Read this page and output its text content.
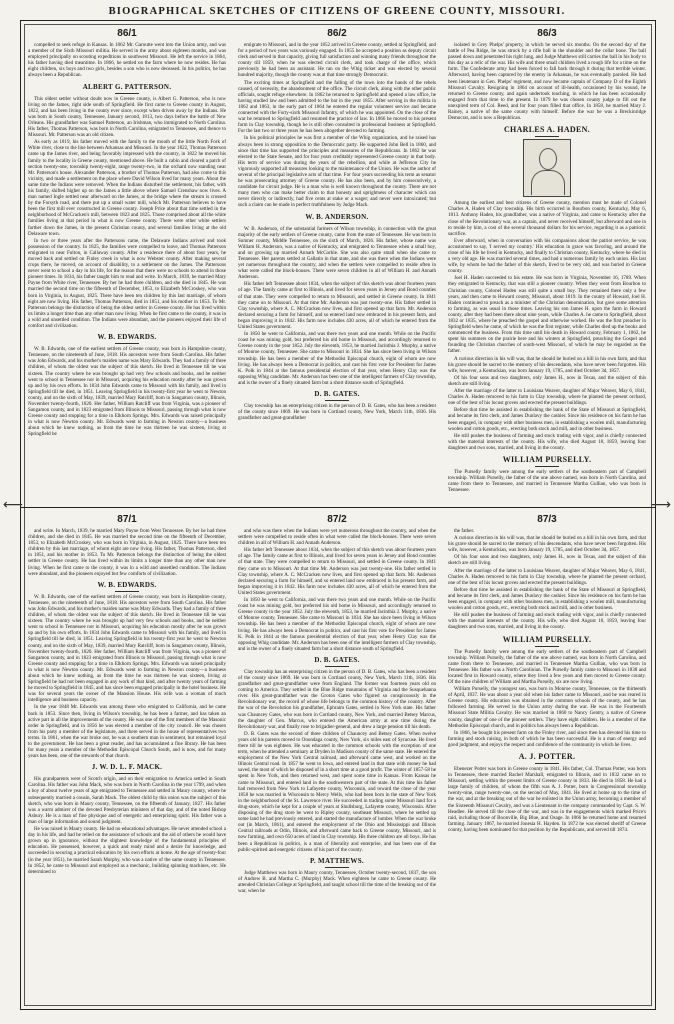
BIOGRAPHICAL SKETCHES OF CITIZENS OF GREENE COUNTY, MISSOURI.
⟵	⟶
86/1

compelled to seek refuge in Kansas. In 1862 Mr. Garoutte went into the Union army, and was a member of the Sixth Missouri militia. He served in the army about eighteen months, and was employed principally on scouting expeditions in southwest Missouri. He left the service in 1864, his father having died meantime. In 1866, he settled on the farm where he now resides. He has eight children, six boys and two girls, besides a son who is now deceased. In his politics, he has always been a Republican.

ALBERT G. PATTERSON.

This oldest settler without doubt now in Greene county, is Albert G. Patterson, who is now living on the James, right side south of Springfield. He first came to Greene county in August, 1822, and has been living in the county ever since, except when driven away by the Indians. He was born in South county, Tennessee, January second, 1813, two days before the battle of New Orleans. His grandfather was Samuel Patterson, an Irishman, who immigrated to North Carolina. His father, Thomas Patterson, was born in North Carolina, emigrated to Tennessee, and thence to Missouri. Mr. Patterson was an old citizen.

As early as 1819, his father moved with the family to the mouth of the little North Fork of White river, close to the line between Arkansas and Missouri. In the year 1822, Thomas Patterson came up the James river, and being favorably impressed with the country, in 1822 he moved his family to the locality in Greene county, mentioned above. He built a cabin and cleared a patch of section twenty-one, township twenty-eight, range twenty-two, in the orchard now standing near Mr. Patterson's house. Alexander Patterson, a brother of Thomas Patterson, had also come to this vicinity, and made a settlement on the place where David Wilson lived for many years. About the same time the Indians were removed. When the Indians disturbed the settlement, his father, with his family, shifted higher up on the James a little above where Samuel Crenshaw now lives. A man named Ingle settled near afterward on the James, at the bridge where the stream is crossed by the Forsyth road, and there put up a small water mill, which Mr. Patterson believes to have been the first mill ever constructed in Greene county. Joseph Price about that time settled in the neighborhood of McCracken's mill, between 1823 and 1825. Those comprised about all the white families living at that period in what is now Greene county. There were other white settlers farther down the James, in the present Christian county, and several families living at the old Delaware town.

In two or three years after the Pattersons came, the Delaware Indians arrived and took possession of the country. In 1825, the families were compelled to leave, and Thomas Patterson emigrated to near Fulton, in Callaway county. After a residence there of about four years, he moved back and settled on Finley creek in what is now Webster county. After making several crops there, he moved, on account of disability, to a settlement on the James. The Pattersons never went to school a day in his life, for the reason that there were no schools to attend in those pioneer times. In 1834, his father taught him to read and write. In March, 1839, he married Mary Payne from White river, Tennessee. By her he had three children, and she died in 1845. He was married the second time on the fifteenth of December, 1853, to Elizabeth McCroskey, who was born in Virginia, in August, 1825. There have been ten children by this last marriage, of whom eight are now living. His father, Thomas Patterson, died in 1851, and his mother in 1853. To Mr. Patterson belongs the distinction of being the oldest settler in Greene county. He has lived within its limits a longer time than any other man now living. When he first came to the county, it was in a wild and unsettled condition. The Indians were abundant, and the pioneers enjoyed their life of comfort and civilization.

W. B. EDWARDS.

W. B. Edwards, one of the earliest settlers of Greene county, was born in Hampshire county, Tennessee, on the nineteenth of June, 1818. His ancestors were from South Carolina. His father was John Edwards, and his mother's maiden name was Mary Edwards. They had a family of three children, of whom the oldest was the subject of this sketch. He lived in Tennessee till he was sixteen. The country where he was brought up had very few schools and books, and he neither went to school in Tennessee nor in Missouri, acquiring his education mostly after he was grown up and by his own efforts. In 1834 John Edwards came to Missouri with his family, and lived in Springfield till he died, in 1851. Leaving Springfield in his twenty-first year he went to Newton county, and on the sixth of May, 1839, married Mary Ratcliff, born in Sangamon county, Illinois, November twenty-fourth, 1820. Her father, William Ratcliff was from Virginia, was a pioneer of Sangamon county, and in 1823 emigrated from Illinois to Missouri, passing through what is now Greene county and stopping for a time in Elkhorn Springs. Mrs. Edwards was raised principally in what is now Newton county. Mr. Edwards went to farming in Newton county—a business about which he knew nothing, as from the time he was thirteen he was sixteen, living at Springfield he

86/2

emigrate to Missouri, and in the year 1852 arrived in Greene county, settled at Springfield, and for a period of two years was variously engaged. In 1855 he accepted a position as deputy circuit clerk and served in that capacity, giving full satisfaction and winning many friends throughout the county till 1859, when he was elected circuit clerk, and took charge of the office, which previously he had been an assistant. He ran on the Whig ticket and was elected by several hundred majority, though the county was at that time strongly Democratic.

The exciting times at Springfield and the falling of the town into the hands of the rebels caused, of necessity, the abandonment of the office. The circuit clerk, along with the other public officials, sought refuge elsewhere. In 1862 he returned to Springfield and opened a law office, he having studied law and been admitted to the bar in the year 1855. After serving in the militia in 1862 and 1863, in the early part of 1864 he entered the regular volunteer service and became connected with the Forty-sixth Missouri Infantry, of which he was appointed. On the close of the war he returned to Springfield and resumed the practice of law. In 1866 he moved to his present farm in Clay township, though he is still often consulted in professional business at Springfield. For the last two or three years he has been altogether devoted to farming.

In his political principles he was first a member of the Whig organization, and he raised has always been in strong opposition to the Democratic party. He supported John Bell in 1860, and since that time has supported the principles and measures of the Republicans. In 1862 he was elected to the State Senate, and for four years creditably represented Greene county in that body. His term of service was during the years of the rebellion, and while at Jefferson City he vigorously supported all measures looking to the maintenance of the Union. He was the author of several of the principal legislative acts of that time. For four years succeeding his term as senator he was prosecuting attorney of Greene county. He has also been, and by him consecutively, a candidate for circuit judge. He is a man who is well known throughout the county. There are not many men who can make better claim to that honesty and uprightness of character which can never directly or indirectly, had five cents at stake or a wager; and never were intoxicated; but such a claim can be made in perfect truthfulness by Judge Mack.

W. B. ANDERSON.

W. B. Anderson, of the substantial farmers of Wilson township, in connection with the great majority of the early settlers of Greene county, came from the state of Tennessee. He was born in Sumner county, Middle Tennessee, on the sixth of March, 1826. His father, whose name was William H. Anderson, was a native of Kentucky, and emigrated to Tennessee when a small boy, and on growing up married Annath McCorkle. She was also quite small when she came to Tennessee. Her parents settled at Gallatin in that state, and she was there when the Indians were yet numerous throughout the country, and when the settlers were compelled to reside often in what were called the block-houses. There were seven children in all of William H. and Annath Anderson.

His father left Tennessee about 1834, when the subject of this sketch was about fourteen years of age. The family came at first to Illinois, and lived for seven years in Jersey and Bond counties of that state. They were compelled to return to Missouri, and settled in Greene county. In 1841 they came on to Missouri. At that time Mr. Anderson was just twenty-one. His father settled in Clay township, where A. C. McCracken now lives, and first opened up that farm. Mr. Anderson declared securing a farm for himself, and so entered land now embraced in his present farm, and began improving it in 1842. His farm now includes 430 acres, all of which he entered from the United States government.

In 1850 he went to California, and was there two years and one month. While on the Pacific coast he was mining gold, but preferred his old home in Missouri, and accordingly returned to Greene county in the year 1852. July the eleventh, 1853, he married Jacinthia J. Murphy, a native of Monroe county, Tennessee. She came to Missouri in 1834. She has since been living in Wilson township. He has been a member of the Methodist Episcopal church, eight of whom are now living. He has always been a Democrat in politics, and cast his first vote for President for James K. Polk in 1844 at the famous presidential election of that year, when Henry Clay was the opposing Whig candidate. Mr. Anderson has been one of the intelligent farmers of Clay township, and is the owner of a finely situated farm but a short distance south of Springfield.

D. B. GATES.

Clay township has an enterprising citizen in the person of D. B. Gates, who has been a resident of the county since 1869. He was born in Cortland county, New York, March 11th, 1836. His grandfather and great-grandfather

86/3

isolated in Grey Phelps' property, in which he served six months. On the second day of the battle of Pea Ridge, he was struck by a rifle ball in the shoulder and the collar bone. The ball passed down and penetrated his right lung, and Judge Matthews still carries the ball in his body to this day as a relic of the war. His wife and three small children lived a rough life for a time on the farm. The Confederate army had been forced to fall back through it during that terrible winter. Afterward, having been captured by the enemy in Arkansas, he was eventually paroled. He had been lieutenant in Gen. Phelps' regiment, and now became captain of Company D of the Eighth Missouri Cavalry. Resigning in 1864 on account of ill-health, occasioned by his wound, he returned to Greene county, and again undertook teaching, in which he has been occasionally engaged from that time to the present. In 1879 he was chosen county judge to fill out the unexpired term of Col. Reed, and for four years filled that office. In 1858, he married Mary J. Rainey, a native of the same county with himself. Before the war he was a Breckinridge Democrat, and is now a Republican.

CHARLES A. HADEN.

Among the earliest and best citizens of Greene county, mention must be made of Colonel Charles A. Haden of Clay township. His birth occurred in Bourbon county, Kentucky, May 6, 1813. Anthony Haden, his grandfather, was a native of Virginia, and came to Kentucky after the close of the Revolutionary war, as a captain, and never received himself, but afterward and one in to reside by him, a cost of the several thousand dollars for his service, regarding it as a patriotic sacrifice.

Ever afterward, when in conversation with his companions about the patriot service, he was accustomed to say, 'I served my country.' His education in grace was favoring, and around the close of his life he lived in Kentucky, and finally to Christian county, Kentucky, where he died in a very old age. He was married several times, and had a numerous family by each union. His last wife, by whom he had the father of this sketch, lived to be very old, and was buried in Greene county.

Joel H. Haden succeeded to his estate. He was born in Virginia, November 16, 1789. When they emigrated to Kentucky, that was still a pioneer country. When they went from Bourbon to Christian county, Colonel Haden was still quite a small boy. They remained there only a few years, and then came to Howard county, Missouri, about 1819. In the county of Howard, Joel H. Haden continued to preach as a minister of the Christian denomination, but gave some attention to farming, as was usual in those times. Leaving his son James H. upon the farm in Howard county, after they had been there about nine years, while Charles A. he came to Springfield, about 1832 or 1835, where he preached the gospel and otherwise worked. He was the first preacher in Springfield when he came, of which he was the first register, while Charles died up the books and commenced the business. From this time until his death in Howard county, February 1, 1862, he spent his summers on the prairie here and his winters at Springfield, preaching the Gospel and founding the Christian churches of south-west Missouri, of which he may be regarded as the father.

A curious direction in his will was, that he should be buried on a hill in his own farm, and that his grave should be sacred to the memory of his descendants, who have never been forgotten. His wife, however, a Kentuckian, was born January 19, 1785, and died October 3d, 1857.

Of his four sons and two daughters, only James H., now in Texas, and the subject of this sketch are still living.

After the marriage of the latter to Louisiana Weaver, daughter of Major Weaver, May 6, 1841, Charles A. Haden removed to his farm in Clay township, where he planted the present orchard, one of the best of his locust groves and erected the present buildings.

Before that time he assisted in establishing the bank of the State of Missouri at Springfield, and became its first clerk, and James Dunlavy the cashier. Since his residence on his farm he has been engaged, in company with other business men, in establishing a woolen mill, manufacturing woolen and cotton goods, etc., erecting both stock and mill, and in other business.

He still pushes the business of farming and stock trading with vigor, and is chiefly connected with the material interests of the county. His wife, who died August 18, 1859, leaving four daughters and two sons, married, and living in the county.

WILLIAM PURSELLY.

The Purselly family were among the early settlers of the southeastern part of Campbell township. William Purselly, the father of the one above named, was born in North Carolina, and came from there to Tennessee, and married in Tennessee Martha Gullian, who was born in Tennessee.

87/1

and write. In March, 1839, he married Mary Payne from West Tennessee. By her he had three children, and she died in 1845. He was married the second time on the fifteenth of December, 1853, to Elizabeth McCroskey, who was born in Virginia, in August, 1825. There have been ten children by this last marriage, of whom eight are now living. His father, Thomas Patterson, died in 1851, and his mother in 1853. To Mr. Patterson belongs the distinction of being the oldest settler in Greene county. He has lived within its limits a longer time than any other man now living. When he first came to the county, it was in a wild and unsettled condition. The Indians were abundant, and the pioneers enjoyed but few comforts of civilization.

W. B. EDWARDS.

W. B. Edwards, one of the earliest settlers of Greene county, was born in Hampshire county, Tennessee, on the nineteenth of June, 1818. His ancestors were from South Carolina. His father was John Edwards, and his mother's maiden name was Mary Edwards. They had a family of three children, of whom the oldest was the subject of this sketch. He lived in Tennessee till he was sixteen. The country where he was brought up had very few schools and books, and he neither went to school in Tennessee nor in Missouri, acquiring his education mostly after he was grown up and by his own efforts. In 1834 John Edwards came to Missouri with his family, and lived in Springfield till he died, in 1851. Leaving Springfield in his twenty-first year he went to Newton county, and on the sixth of May, 1839, married Mary Ratcliff, born in Sangamon county, Illinois, November twenty-fourth, 1820. Her father, William Ratcliff was from Virginia, was a pioneer of Sangamon county, and in 1823 emigrated from Illinois to Missouri, passing through what is now Greene county and stopping for a time in Elkhorn Springs. Mrs. Edwards was raised principally in what is now Newton county. Mr. Edwards went to farming in Newton county—a business about which he knew nothing, as from the time he was thirteen he was sixteen, living at Springfield he had not been engaged in any work of that kind, and after twenty years of farming he moved to Springfield in 1845, and has since been engaged principally in the hotel business. He was for several years the owner of the Mansion House. His wife was a woman of much intelligence and business capacity.

In the year 1848 Mr. Edwards was among those who emigrated to California, and he came back in 1853. Since then, living in Wilson's township, he has been a farmer, and has taken an active part in all the improvements of the county. He was one of the first members of the Masonic order in Springfield, and in 1856 he was elected a member of the city council. He was chosen from his party a member of the legislature, and there served in the house of representatives two terms. In 1861, when the war broke out, he was a southern man in sentiment, but remained loyal to the government. He has been a great reader, and has accumulated a fine library. He has been for many years a member of the Methodist Episcopal Church South, and is now, and for many years has been, one of the stewards of that church.

J. W. D. L. F. MACK.

His grandparents were of Scotch origin, and on their emigration to America settled in South Carolina. His father was John Mack, who was born in North Carolina in the year 1799, and when a boy of about twelve years of age emigrated to Tennessee and settled in Maury county, where he subsequently married a cousin, Sarah Mack. The oldest child by this union was the subject of this sketch, who was born in Maury county, Tennessee, on the fifteenth of January, 1827. His father was a warm admirer of the devoted Presbyterian ministers of that day, and of the noted Bishop Asbury. He is a man of fine physique and of energetic and enterprising spirit. His father was a man of large information and sound judgment.

He was raised in Maury county. He had no educational advantages. He never attended school a day in his life, and had he relied on the assistance of schools and the aid of others he would have grown up in ignorance, without the slightest knowledge of the fundamental principles of education. He possessed, however, a quick and ready mind and a desire for knowledge, and succeeded in securing a practical education by his own efforts at home. At the age of twenty-four (in the year 1851), he married Sarah Murphy, who was a native of the same county in Tennessee. In 1852, he came to Missouri and employed as a mechanic, building spinning machines, etc. He determined to

87/2

and who was there when the Indians were yet numerous throughout the country, and when the settlers were compelled to reside often in what were called the block-houses. There were seven children in all of William H. and Annath Anderson.

His father left Tennessee about 1834, when the subject of this sketch was about fourteen years of age. The family came at first to Illinois, and lived for seven years in Jersey and Bond counties of that state. They were compelled to return to Missouri, and settled in Greene county. In 1841 they came on to Missouri. At that time Mr. Anderson was just twenty-one. His father settled in Clay township, where A. C. McCracken now lives, and first opened up that farm. Mr. Anderson declared securing a farm for himself, and so entered land now embraced in his present farm, and began improving it in 1842. His farm now includes 430 acres, all of which he entered from the United States government.

In 1850 he went to California, and was there two years and one month. While on the Pacific coast he was mining gold, but preferred his old home in Missouri, and accordingly returned to Greene county in the year 1852. July the eleventh, 1853, he married Jacinthia J. Murphy, a native of Monroe county, Tennessee. She came to Missouri in 1834. She has since been living in Wilson township. He has been a member of the Methodist Episcopal church, eight of whom are now living. He has always been a Democrat in politics, and cast his first vote for President for James K. Polk in 1844 at the famous presidential election of that year, when Henry Clay was the opposing Whig candidate. Mr. Anderson has been one of the intelligent farmers of Clay township, and is the owner of a finely situated farm but a short distance south of Springfield.

D. B. GATES.

Clay township has an enterprising citizen in the person of D. B. Gates, who has been a resident of the county since 1869. He was born in Cortland county, New York, March 11th, 1836. His grandfather and great-grandfather were from England. The former was fourteen years old on coming to America. They settled in the Blue Ridge mountains of Virginia and the Susquehanna river. His great-grandfather was the Groton Gates who figured so conspicuously in the Revolutionary war, the record of whose life belongs to the common history of the country. After the war of the Revolution his grandfather, Ephraim Gates, settled in New York state. His father was Chauncey Gates, who was born in Cortland county, New York, and married Betsey Marcus, the daughter of Gen. Marcus, who entered the American army at one time during the Revolutionary war, and finally rose to brigadier-general, and drew a large pension till his death.

D. B. Gates was the second of three children of Chauncey and Betsey Gates. When twelve years old his parents moved to Onondaga county, New York, six miles east of Syracuse. He lived there till he was eighteen. He was educated in the common schools with the exception of one term, when he attended a seminary at Dryden in Madison county of the same state. He entered the employment of the New York Central railroad, and afterward came west, and worked on the Illinois Central road. In 1857 he went to Iowa, and entered land in that state with money he had saved, the most of which he disposed of in a short time at a good profit. The winter of 1857-58 he spent in New York, and then returned west, and spent some time in Kansas. From Kansas he came to Missouri, and entered land in the southwestern part of the state. At this time his father had removed from New York to Lafayette county, Wisconsin, and toward the close of the year 1858 he was married in Wisconsin to Mercy Wells, who had been born in the state of New York in the neighborhood of the St. Lawrence river. He succeeded in trading some Missouri land for a drug-store, which he kept for a couple of years at Shullsburg, Lafayette county, Wisconsin. After disposing of the drug store he went to Ripley county, southeast Missouri, where he settled up some land he had previously entered, and started the manufacture of lumber. When the war broke out (in March, 1861), and entered the employment of the Ohio and Mississippi and Illinois Central railroads at Odin, Illinois, and afterward came back to Greene county, Missouri, and is now farming, and own 650 acres of land in Clay township. His three children are all boys. He has been a Republican in politics, is a man of liberality and enterprise, and has been one of the public-spirited and energetic citizens of his part of the county.

P. MATTHEWS.

Judge Matthews was born in Maury county, Tennessee, October twenty-second, 1837, the son of Andrew B. and Martha C. (Murphy) Mack. When eighteen he came to Greene county. He attended Christian College at Springfield, and taught school till the time of the breaking out of the war, when he

87/3

the father.

A curious direction in his will was, that he should be buried on a hill in his own farm, and that his grave should be sacred to the memory of his descendants, who have never been forgotten. His wife, however, a Kentuckian, was born January 19, 1785, and died October 3d, 1857.

Of his four sons and two daughters, only James H., now in Texas, and the subject of this sketch are still living.

After the marriage of the latter to Louisiana Weaver, daughter of Major Weaver, May 6, 1841, Charles A. Haden removed to his farm in Clay township, where he planted the present orchard, one of the best of his locust groves and erected the present buildings.

Before that time he assisted in establishing the bank of the State of Missouri at Springfield, and became its first clerk, and James Dunlavy the cashier. Since his residence on his farm he has been engaged, in company with other business men, in establishing a woolen mill, manufacturing woolen and cotton goods, etc., erecting both stock and mill, and in other business.

He still pushes the business of farming and stock trading with vigor, and is chiefly connected with the material interests of the county. His wife, who died August 18, 1859, leaving four daughters and two sons, married, and living in the county.

WILLIAM PURSELLY.

The Purselly family were among the early settlers of the southeastern part of Campbell township. William Purselly, the father of the one above named, was born in North Carolina, and came from there to Tennessee, and married in Tennessee Martha Gullian, who was born in Tennessee. His father was a North Carolinian. The Purselly family came to Missouri in 1838 and located first in Howard county, where they lived a few years and then moved to Greene county. Of the nine children of William and Martha Purselly, six are now living.

William Purselly, the youngest son, was born in Monroe county, Tennessee, on the thirteenth of April, 1837. He was about a year old when his father came to Missouri, and he was reared in Greene county. His education was obtained in the common schools of the county, and he has followed farming. He served in the Union army during the war. He was in the Fourteenth Missouri State Militia Cavalry. He was married in 1860 to Nancy Gentry, a native of Greene county, daughter of one of the pioneer settlers. They have eight children. He is a member of the Methodist Episcopal church, and in politics has always been a Republican.

In 1866, he bought his present farm on the Finley river, and since then has devoted his time to farming and stock raising, in both of which he has been successful. He is a man of energy and good judgment, and enjoys the respect and confidence of the community in which he lives.

A. J. POTTER.

Ebenezer Potter was born in Greene county in 1841. His father, Col. Thomas Potter, was born in Tennessee, there married Rachel Marshall, emigrated to Illinois, and in 1832 came on to Missouri, settling within the present limits of Greene county in 1833. He died in 1858. He had a large family of children, of whom the fifth was A. J. Potter, born in Congressional township twenty-nine, range twenty-one, on the second of May, 1841. He lived at home up to the time of the war, and at the breaking out of the war he enlisted in the Union army, becoming a member of the Sixteenth Missouri Cavalry, and was a Lieutenant in the company commanded by Capt. S. W. Headlee. He served till the close of the war, and was in the engagements which marked Price's raid, including those of Boonville, Big Blue, and Osage. In 1866 he returned home and resumed farming. January 1867, he married Jonesia H. Hayden. In 1872 he was elected sheriff of Greene county, having been nominated for that position by the Republicans, and served till 1874.
